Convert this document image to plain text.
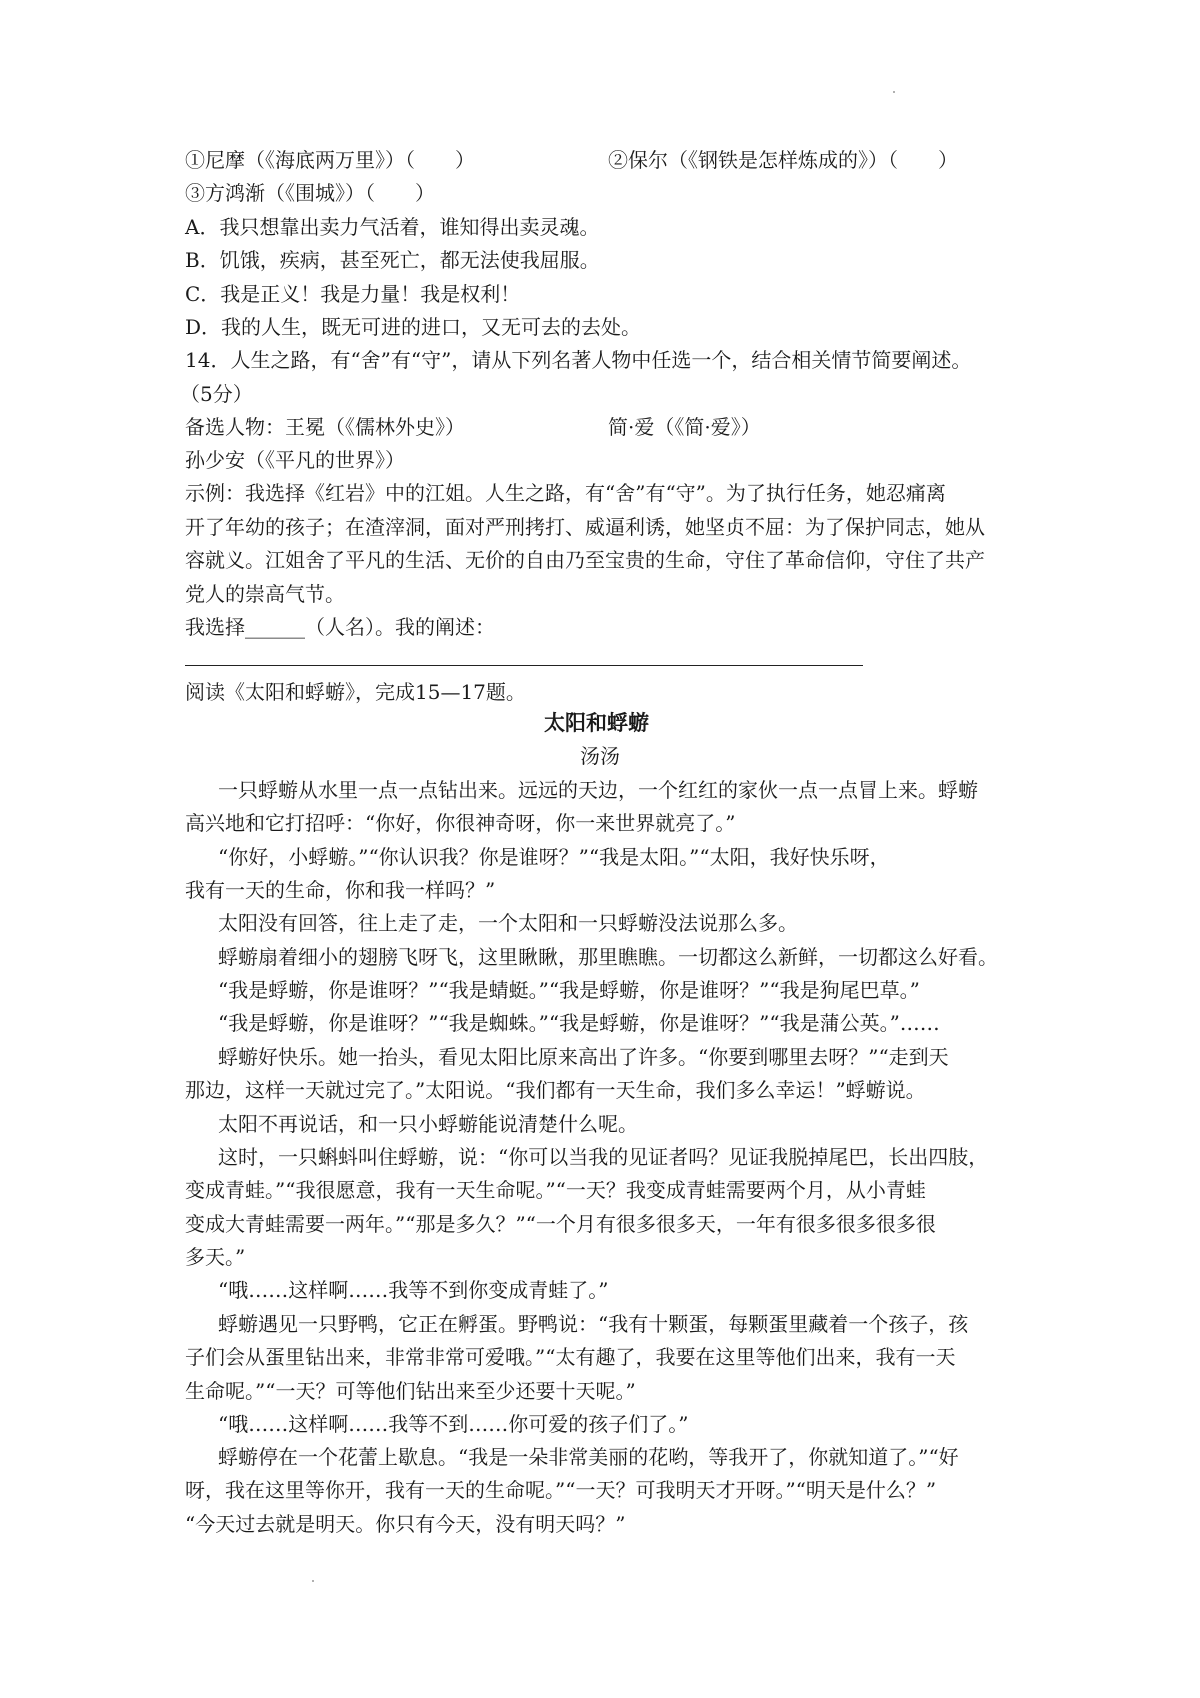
①尼摩（《海底两万里》）（　　）	②保尔（《钢铁是怎样炼成的》）（　　）
③方鸿渐（《围城》）（　　）
A．我只想靠出卖力气活着，谁知得出卖灵魂。
B．饥饿，疾病，甚至死亡，都无法使我屈服。
C．我是正义！我是力量！我是权利！
D．我的人生，既无可进的进口，又无可去的去处。
14．人生之路，有“舍”有“守”，请从下列名著人物中任选一个，结合相关情节简要阐述。
（5分）
备选人物：王冕（《儒林外史》）	简·爱（《简·爱》）
孙少安（《平凡的世界》）
示例：我选择《红岩》中的江姐。人生之路，有“舍”有“守”。为了执行任务，她忍痛离
开了年幼的孩子；在渣滓洞，面对严刑拷打、威逼利诱，她坚贞不屈：为了保护同志，她从
容就义。江姐舍了平凡的生活、无价的自由乃至宝贵的生命，守住了革命信仰，守住了共产
党人的崇高气节。
我选择______（人名）。我的阐述：
阅读《太阳和蜉蝣》，完成15—17题。
太阳和蜉蝣
汤汤
一只蜉蝣从水里一点一点钻出来。远远的天边，一个红红的家伙一点一点冒上来。蜉蝣
高兴地和它打招呼：“你好，你很神奇呀，你一来世界就亮了。”
“你好，小蜉蝣。”“你认识我？你是谁呀？”“我是太阳。”“太阳，我好快乐呀，
我有一天的生命，你和我一样吗？”
太阳没有回答，往上走了走，一个太阳和一只蜉蝣没法说那么多。
蜉蝣扇着细小的翅膀飞呀飞，这里瞅瞅，那里瞧瞧。一切都这么新鲜，一切都这么好看。
“我是蜉蝣，你是谁呀？”“我是蜻蜓。”“我是蜉蝣，你是谁呀？”“我是狗尾巴草。”
“我是蜉蝣，你是谁呀？”“我是蜘蛛。”“我是蜉蝣，你是谁呀？”“我是蒲公英。”……
蜉蝣好快乐。她一抬头，看见太阳比原来高出了许多。“你要到哪里去呀？”“走到天
那边，这样一天就过完了。”太阳说。“我们都有一天生命，我们多么幸运！”蜉蝣说。
太阳不再说话，和一只小蜉蝣能说清楚什么呢。
这时，一只蝌蚪叫住蜉蝣，说：“你可以当我的见证者吗？见证我脱掉尾巴，长出四肢，
变成青蛙。”“我很愿意，我有一天生命呢。”“一天？我变成青蛙需要两个月，从小青蛙
变成大青蛙需要一两年。”“那是多久？”“一个月有很多很多天，一年有很多很多很多很
多天。”
“哦……这样啊……我等不到你变成青蛙了。”
蜉蝣遇见一只野鸭，它正在孵蛋。野鸭说：“我有十颗蛋，每颗蛋里藏着一个孩子，孩
子们会从蛋里钻出来，非常非常可爱哦。”“太有趣了，我要在这里等他们出来，我有一天
生命呢。”“一天？可等他们钻出来至少还要十天呢。”
“哦……这样啊……我等不到……你可爱的孩子们了。”
蜉蝣停在一个花蕾上歇息。“我是一朵非常美丽的花哟，等我开了，你就知道了。”“好
呀，我在这里等你开，我有一天的生命呢。”“一天？可我明天才开呀。”“明天是什么？”
“今天过去就是明天。你只有今天，没有明天吗？”
